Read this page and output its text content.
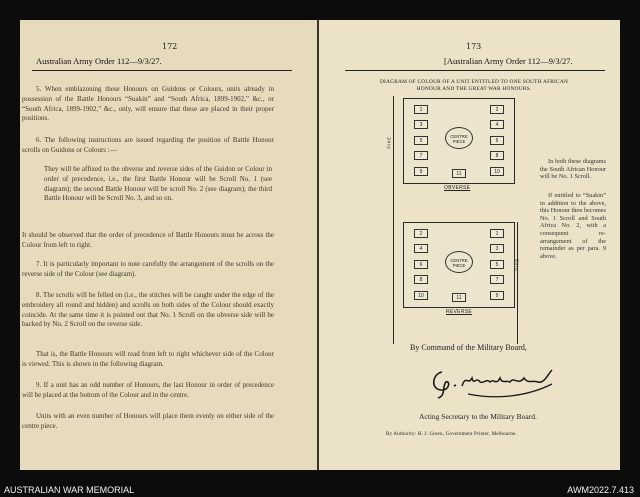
172
Australian Army Order 112—9/3/27.
5. When emblazoning these Honours on Guidons or Colours, units already in possession of the Battle Honours “Suakin” and “South Africa, 1899-1902,” &c., or “South Africa, 1899-1902,” &c., only, will ensure that these are placed in their proper positions.
6. The following instructions are issued regarding the position of Battle Honour scrolls on Guidons or Colours :—
They will be affixed to the obverse and reverse sides of the Guidon or Colour in order of precedence, i.e., the first Battle Honour will be Scroll No. 1 (see diagram); the second Battle Honour will be scroll No. 2 (see diagram); the third Battle Honour will be Scroll No. 3, and so on.
It should be observed that the order of precedence of Battle Honours must be across the Colour from left to right.
7. It is particularly important to note carefully the arrangement of the scrolls on the reverse side of the Colour (see diagram).
8. The scrolls will be felled on (i.e., the stitches will be caught under the edge of the embroidery all round and hidden) and scrolls on both sides of the Colour should exactly coincide. At the same time it is pointed out that No. 1 Scroll on the obverse side will be backed by No. 2 Scroll on the reverse side.
That is, the Battle Honours will read from left to right whichever side of the Colour is viewed. This is shown in the following diagram.
9. If a unit has an odd number of Honours, the last Honour in order of precedence will be placed at the bottom of the Colour and in the centre.
Units with an even number of Honours will place them evenly on either side of the centre piece.
173
[Australian Army Order 112—9/3/27.
DIAGRAM OF COLOUR OF A UNIT ENTITLED TO ONE SOUTH AFRICAN
HONOUR AND THE GREAT WAR HONOURS.
PIKE
1
3
5
7
9
2
4
6
8
10
11
CENTRE
PIECE
OBVERSE
PIKE
2
4
6
8
10
1
3
5
7
9
11
CENTRE
PIECE
REVERSE
In both these diagrams the South African Honour will be No. 1 Scroll.
If entitled to “Suakin” in addition to the above, this Honour then becomes No. 1 Scroll and South Africa No. 2, with a consequent re-arrangement of the remainder as per para. 9 above.
By Command of the Military Board,
Acting Secretary to the Military Board.
By Authority: H. J. Green, Government Printer, Melbourne.
AUSTRALIAN WAR MEMORIAL	AWM2022.7.413
